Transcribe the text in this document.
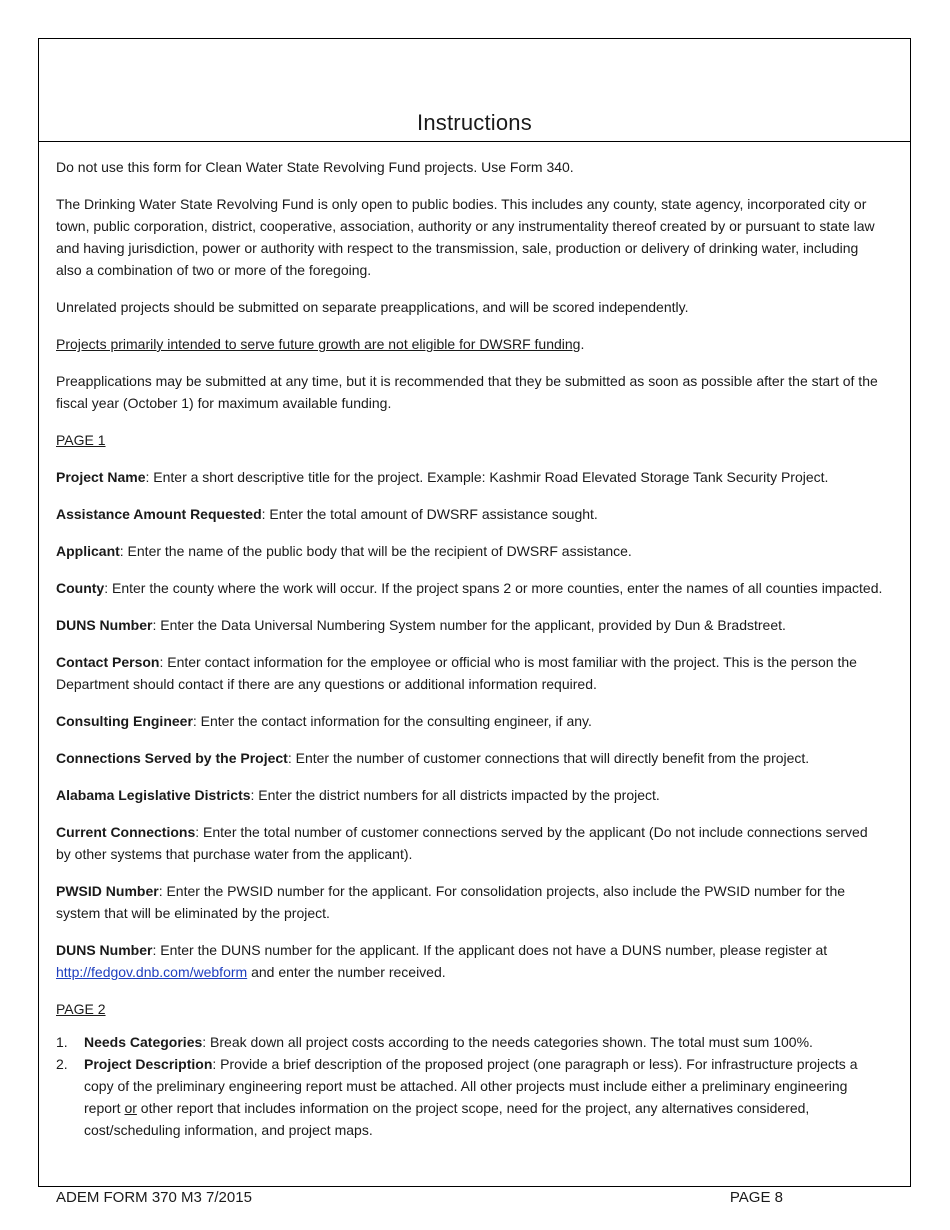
Instructions

Do not use this form for Clean Water State Revolving Fund projects. Use Form 340.

The Drinking Water State Revolving Fund is only open to public bodies. This includes any county, state agency, incorporated city or town, public corporation, district, cooperative, association, authority or any instrumentality thereof created by or pursuant to state law and having jurisdiction, power or authority with respect to the transmission, sale, production or delivery of drinking water, including also a combination of two or more of the foregoing.

Unrelated projects should be submitted on separate preapplications, and will be scored independently.

Projects primarily intended to serve future growth are not eligible for DWSRF funding.

Preapplications may be submitted at any time, but it is recommended that they be submitted as soon as possible after the start of the fiscal year (October 1) for maximum available funding.

PAGE 1

Project Name: Enter a short descriptive title for the project. Example: Kashmir Road Elevated Storage Tank Security Project.

Assistance Amount Requested: Enter the total amount of DWSRF assistance sought.

Applicant: Enter the name of the public body that will be the recipient of DWSRF assistance.

County: Enter the county where the work will occur. If the project spans 2 or more counties, enter the names of all counties impacted.

DUNS Number: Enter the Data Universal Numbering System number for the applicant, provided by Dun & Bradstreet.

Contact Person: Enter contact information for the employee or official who is most familiar with the project. This is the person the Department should contact if there are any questions or additional information required.

Consulting Engineer: Enter the contact information for the consulting engineer, if any.

Connections Served by the Project: Enter the number of customer connections that will directly benefit from the project.

Alabama Legislative Districts: Enter the district numbers for all districts impacted by the project.

Current Connections: Enter the total number of customer connections served by the applicant (Do not include connections served by other systems that purchase water from the applicant).

PWSID Number: Enter the PWSID number for the applicant. For consolidation projects, also include the PWSID number for the system that will be eliminated by the project.

DUNS Number: Enter the DUNS number for the applicant. If the applicant does not have a DUNS number, please register at http://fedgov.dnb.com/webform and enter the number received.

PAGE 2

1. Needs Categories: Break down all project costs according to the needs categories shown. The total must sum 100%.
2. Project Description: Provide a brief description of the proposed project (one paragraph or less). For infrastructure projects a copy of the preliminary engineering report must be attached. All other projects must include either a preliminary engineering report or other report that includes information on the project scope, need for the project, any alternatives considered, cost/scheduling information, and project maps.
ADEM FORM 370 M3 7/2015	PAGE 8
